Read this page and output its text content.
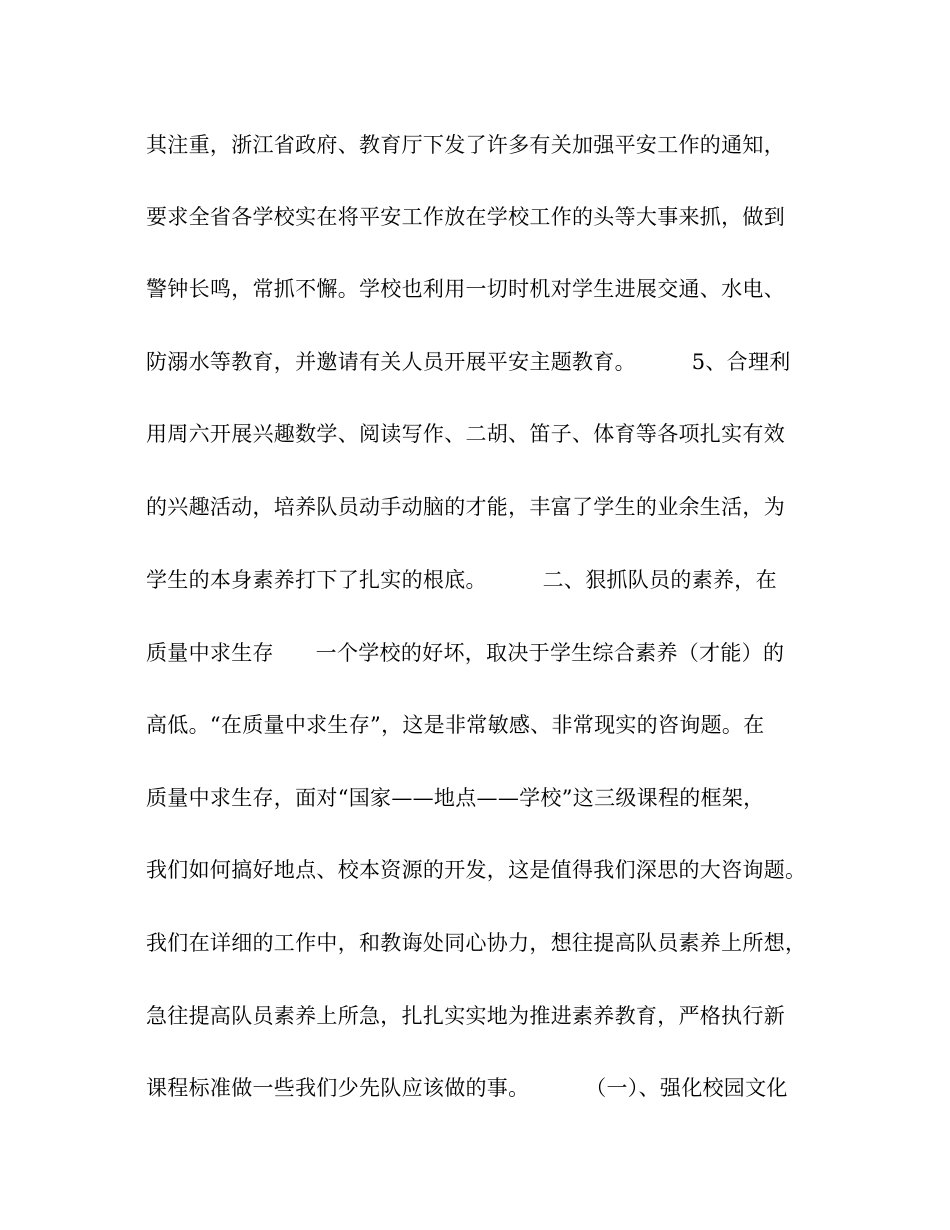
其注重，浙江省政府、教育厅下发了许多有关加强平安工作的通知，
要求全省各学校实在将平安工作放在学校工作的头等大事来抓，做到
警钟长鸣，常抓不懈。学校也利用一切时机对学生进展交通、水电、
防溺水等教育，并邀请有关人员开展平安主题教育。        5、合理利
用周六开展兴趣数学、阅读写作、二胡、笛子、体育等各项扎实有效
的兴趣活动，培养队员动手动脑的才能，丰富了学生的业余生活，为
学生的本身素养打下了扎实的根底。        二、狠抓队员的素养，在
质量中求生存      一个学校的好坏，取决于学生综合素养（才能）的
高低。“在质量中求生存”，这是非常敏感、非常现实的咨询题。在
质量中求生存，面对“国家——地点——学校”这三级课程的框架，
我们如何搞好地点、校本资源的开发，这是值得我们深思的大咨询题。
我们在详细的工作中，和教诲处同心协力，想往提高队员素养上所想，
急往提高队员素养上所急，扎扎实实地为推进素养教育，严格执行新
课程标准做一些我们少先队应该做的事。        （一）、强化校园文化
